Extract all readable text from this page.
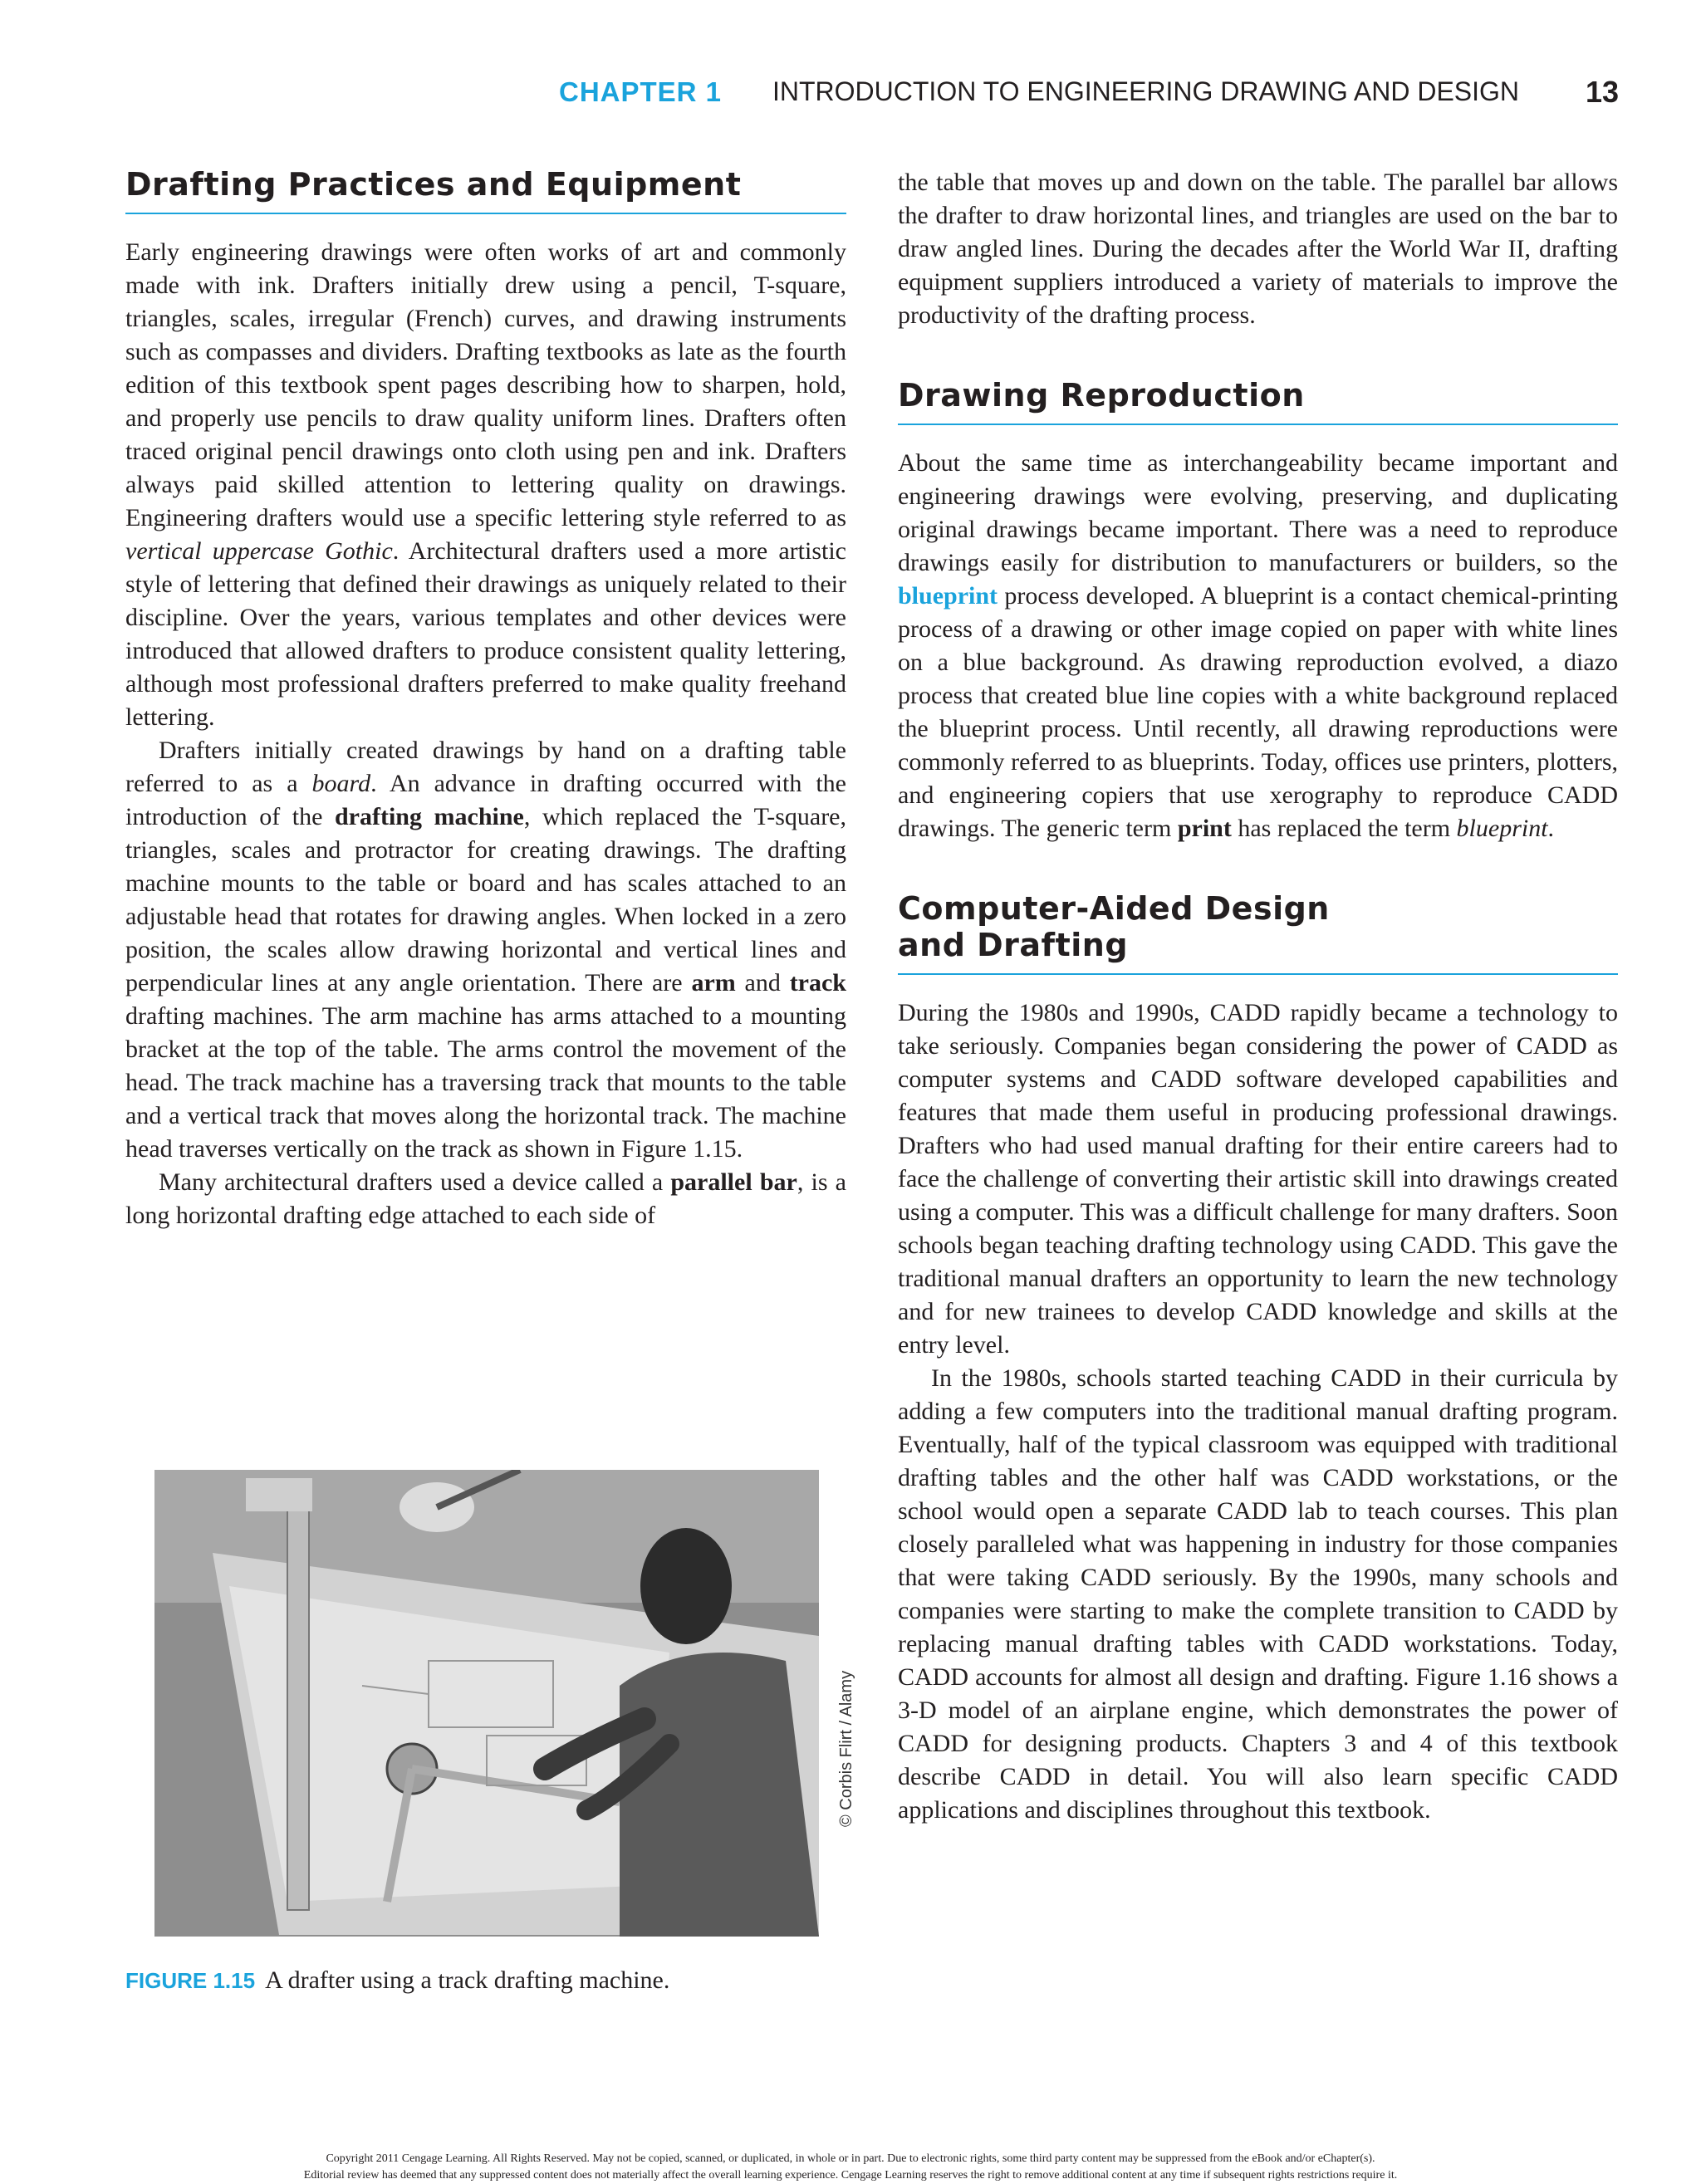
CHAPTER 1 INTRODUCTION TO ENGINEERING DRAWING AND DESIGN 13
Drafting Practices and Equipment

Early engineering drawings were often works of art and commonly made with ink. Drafters initially drew using a pencil, T-square, triangles, scales, irregular (French) curves, and drawing instruments such as compasses and dividers. Drafting textbooks as late as the fourth edition of this textbook spent pages describing how to sharpen, hold, and properly use pencils to draw quality uniform lines. Drafters often traced original pencil drawings onto cloth using pen and ink. Drafters always paid skilled attention to lettering quality on drawings. Engineering drafters would use a specific lettering style referred to as vertical uppercase Gothic. Architectural drafters used a more artistic style of lettering that defined their drawings as uniquely related to their discipline. Over the years, various templates and other devices were introduced that allowed drafters to produce consistent quality lettering, although most professional drafters preferred to make quality freehand lettering.

Drafters initially created drawings by hand on a drafting table referred to as a board. An advance in drafting occurred with the introduction of the drafting machine, which replaced the T-square, triangles, scales and protractor for creating drawings. The drafting machine mounts to the table or board and has scales attached to an adjustable head that rotates for drawing angles. When locked in a zero position, the scales allow drawing horizontal and vertical lines and perpendicular lines at any angle orientation. There are arm and track drafting machines. The arm machine has arms attached to a mounting bracket at the top of the table. The arms control the movement of the head. The track machine has a traversing track that mounts to the table and a vertical track that moves along the horizontal track. The machine head traverses vertically on the track as shown in Figure 1.15.

Many architectural drafters used a device called a parallel bar, is a long horizontal drafting edge attached to each side of

the table that moves up and down on the table. The parallel bar allows the drafter to draw horizontal lines, and triangles are used on the bar to draw angled lines. During the decades after the World War II, drafting equipment suppliers introduced a variety of materials to improve the productivity of the drafting process.

Drawing Reproduction

About the same time as interchangeability became important and engineering drawings were evolving, preserving, and duplicating original drawings became important. There was a need to reproduce drawings easily for distribution to manufacturers or builders, so the blueprint process developed. A blueprint is a contact chemical-printing process of a drawing or other image copied on paper with white lines on a blue background. As drawing reproduction evolved, a diazo process that created blue line copies with a white background replaced the blueprint process. Until recently, all drawing reproductions were commonly referred to as blueprints. Today, offices use printers, plotters, and engineering copiers that use xerography to reproduce CADD drawings. The generic term print has replaced the term blueprint.

Computer-Aided Design and Drafting

During the 1980s and 1990s, CADD rapidly became a technology to take seriously. Companies began considering the power of CADD as computer systems and CADD software developed capabilities and features that made them useful in producing professional drawings. Drafters who had used manual drafting for their entire careers had to face the challenge of converting their artistic skill into drawings created using a computer. This was a difficult challenge for many drafters. Soon schools began teaching drafting technology using CADD. This gave the traditional manual drafters an opportunity to learn the new technology and for new trainees to develop CADD knowledge and skills at the entry level.

In the 1980s, schools started teaching CADD in their curricula by adding a few computers into the traditional manual drafting program. Eventually, half of the typical classroom was equipped with traditional drafting tables and the other half was CADD workstations, or the school would open a separate CADD lab to teach courses. This plan closely paralleled what was happening in industry for those companies that were taking CADD seriously. By the 1990s, many schools and companies were starting to make the complete transition to CADD by replacing manual drafting tables with CADD workstations. Today, CADD accounts for almost all design and drafting. Figure 1.16 shows a 3-D model of an airplane engine, which demonstrates the power of CADD for designing products. Chapters 3 and 4 of this textbook describe CADD in detail. You will also learn specific CADD applications and disciplines throughout this textbook.

© Corbis Flirt / Alamy
FIGURE 1.15 A drafter using a track drafting machine.
Copyright 2011 Cengage Learning. All Rights Reserved. May not be copied, scanned, or duplicated, in whole or in part. Due to electronic rights, some third party content may be suppressed from the eBook and/or eChapter(s).
Editorial review has deemed that any suppressed content does not materially affect the overall learning experience. Cengage Learning reserves the right to remove additional content at any time if subsequent rights restrictions require it.
